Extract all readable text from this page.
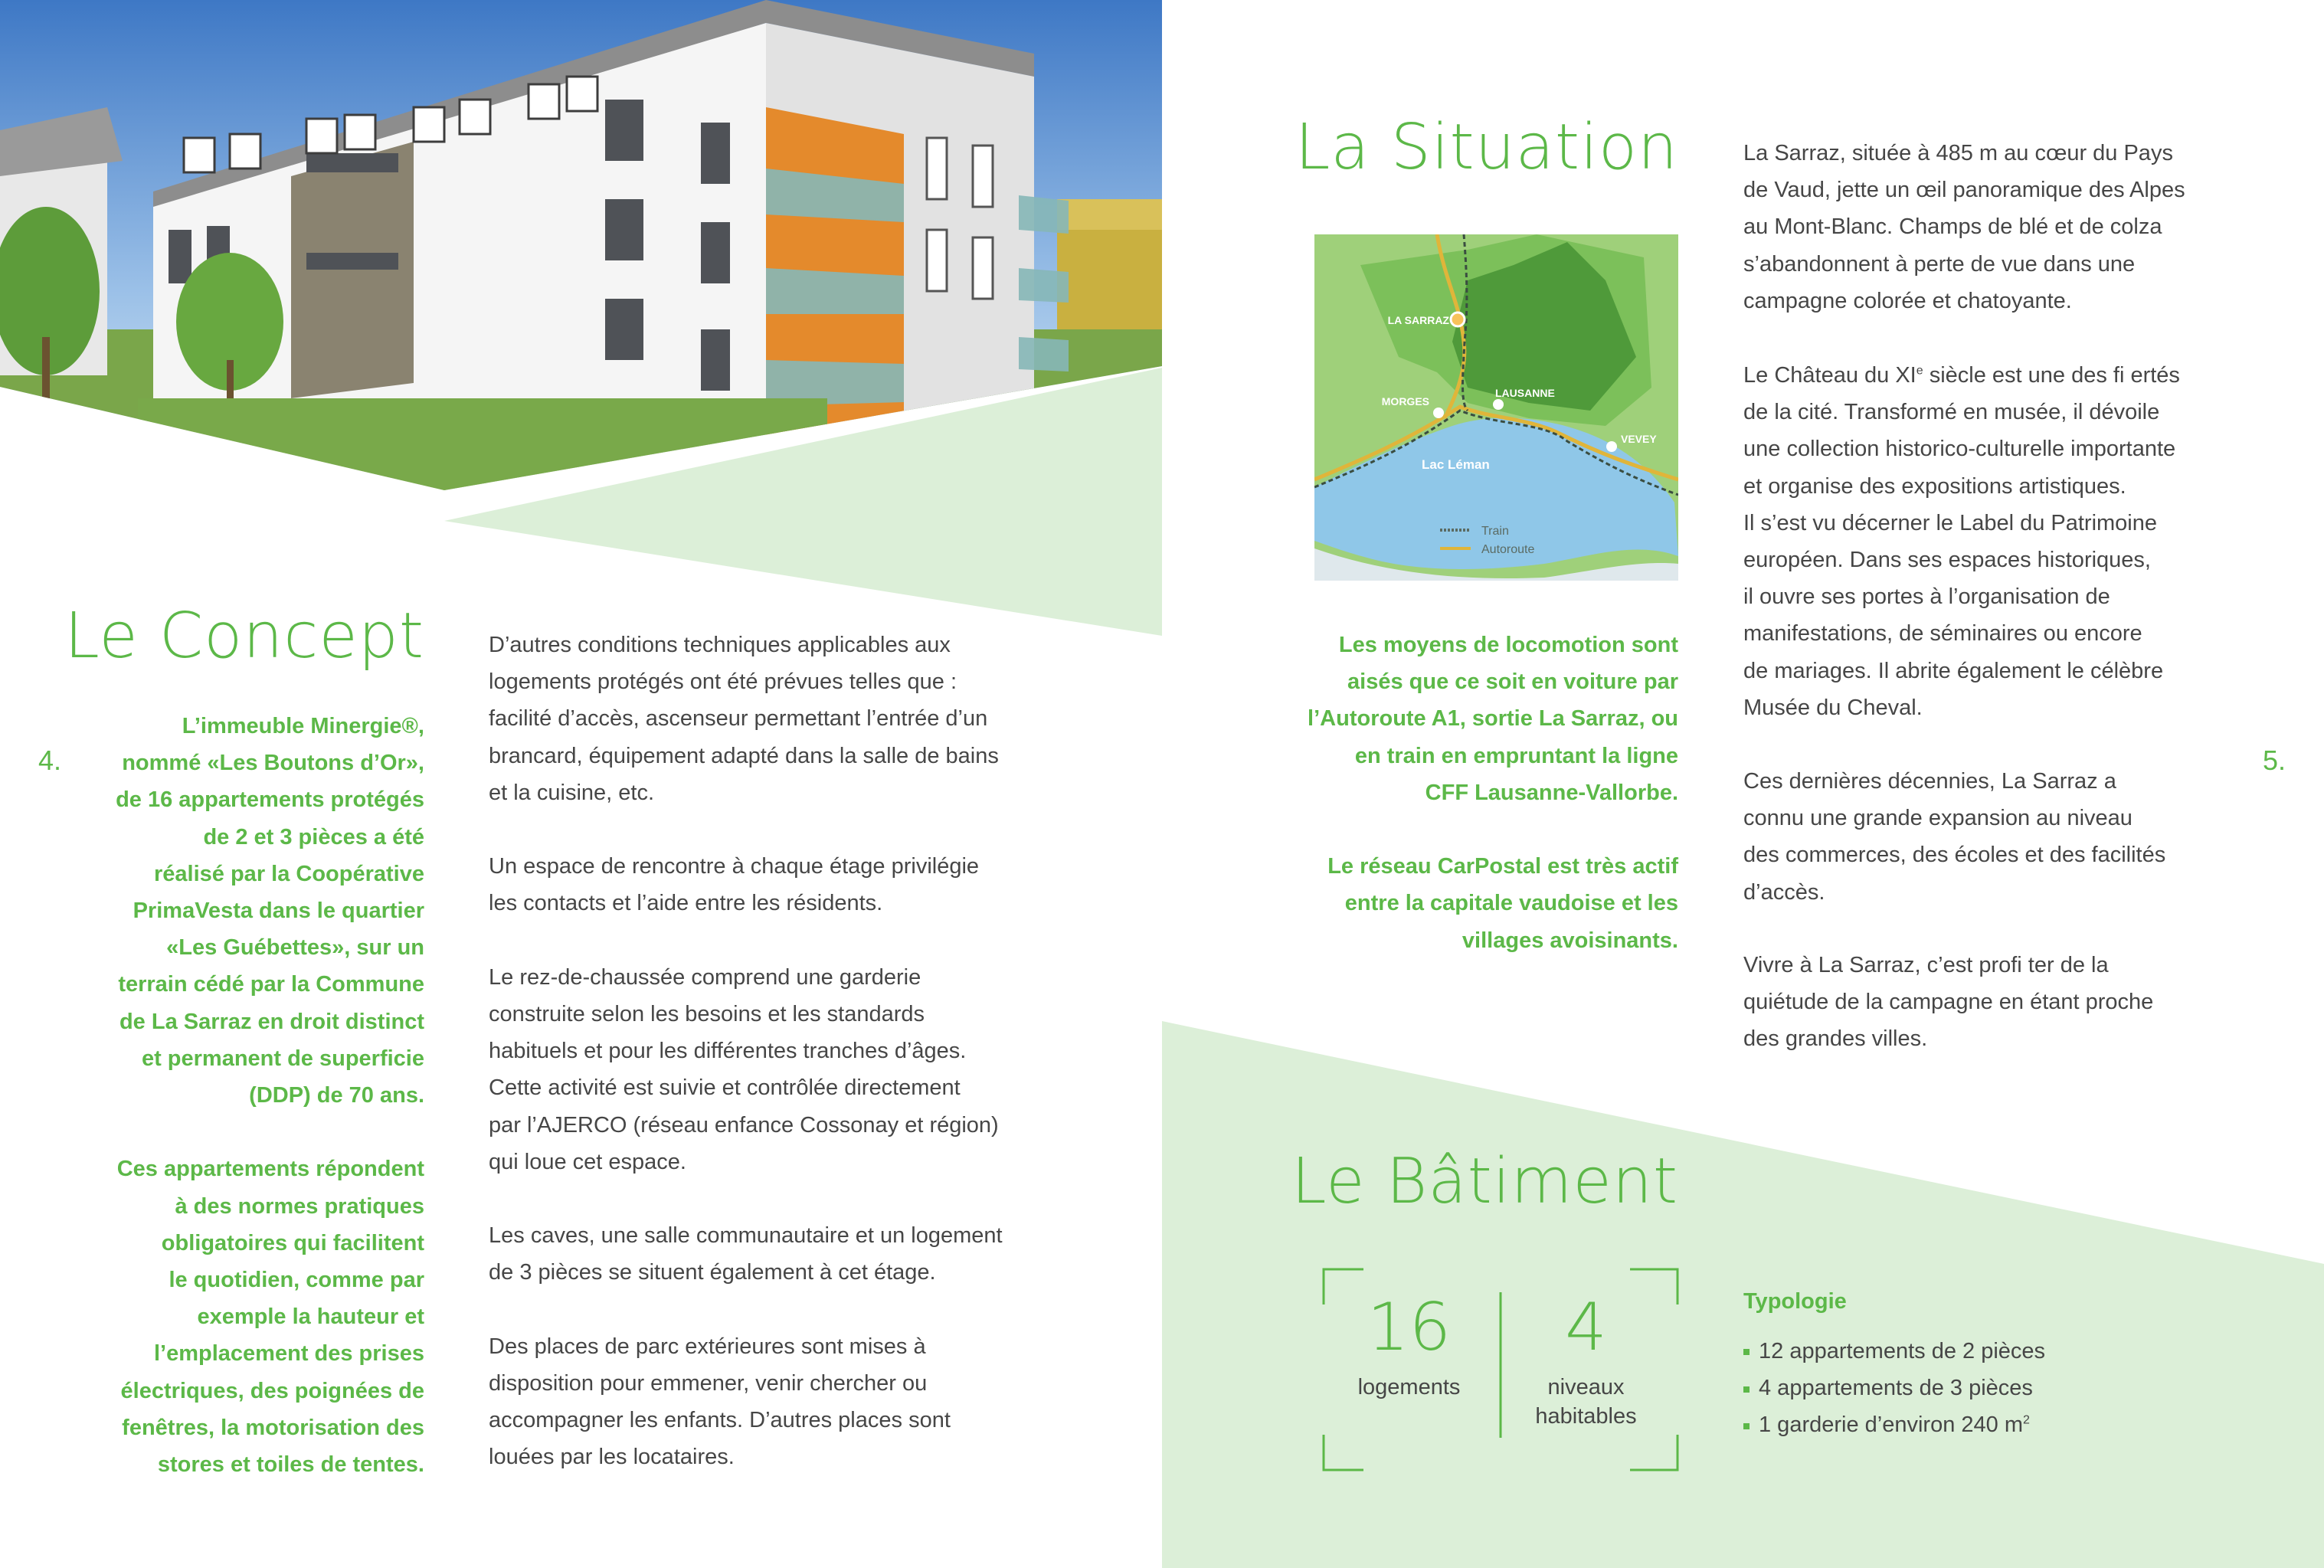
4.	5.
Le Concept
L’immeuble Minergie®,
nommé «Les Boutons d’Or»,
de 16 appartements protégés
de 2 et 3 pièces a été
réalisé par la Coopérative
PrimaVesta dans le quartier
«Les Guébettes», sur un
terrain cédé par la Commune
de La Sarraz en droit distinct
et permanent de superficie
(DDP) de 70 ans.

Ces appartements répondent
à des normes pratiques
obligatoires qui facilitent
le quotidien, comme par
exemple la hauteur et
l’emplacement des prises
électriques, des poignées de
fenêtres, la motorisation des
stores et toiles de tentes.
D’autres conditions techniques applicables aux
logements protégés ont été prévues telles que :
facilité d’accès, ascenseur permettant l’entrée d’un
brancard, équipement adapté dans la salle de bains
et la cuisine, etc.

Un espace de rencontre à chaque étage privilégie
les contacts et l’aide entre les résidents.

Le rez-de-chaussée comprend une garderie
construite selon les besoins et les standards
habituels et pour les différentes tranches d’âges.
Cette activité est suivie et contrôlée directement
par l’AJERCO (réseau enfance Cossonay et région)
qui loue cet espace.

Les caves, une salle communautaire et un logement
de 3 pièces se situent également à cet étage.

Des places de parc extérieures sont mises à
disposition pour emmener, venir chercher ou
accompagner les enfants. D’autres places sont
louées par les locataires.
La Situation
LA SARRAZ
MORGES
LAUSANNE
VEVEY
Lac Léman
Train
Autoroute
Les moyens de locomotion sont
aisés que ce soit en voiture par
l’Autoroute A1, sortie La Sarraz, ou
en train en empruntant la ligne
CFF Lausanne-Vallorbe.

Le réseau CarPostal est très actif
entre la capitale vaudoise et les
villages avoisinants.
La Sarraz, située à 485 m au cœur du Pays
de Vaud, jette un œil panoramique des Alpes
au Mont-Blanc. Champs de blé et de colza
s’abandonnent à perte de vue dans une
campagne colorée et chatoyante.
Le Château du XIe siècle est une des fi ertés
de la cité. Transformé en musée, il dévoile
une collection historico-culturelle importante
et organise des expositions artistiques.
Il s’est vu décerner le Label du Patrimoine
européen. Dans ses espaces historiques,
il ouvre ses portes à l’organisation de
manifestations, de séminaires ou encore
de mariages. Il abrite également le célèbre
Musée du Cheval.
Ces dernières décennies, La Sarraz a
connu une grande expansion au niveau
des commerces, des écoles et des facilités
d’accès.
Vivre à La Sarraz, c’est profi ter de la
quiétude de la campagne en étant proche
des grandes villes.
Le Bâtiment
16
logements
4
niveaux
habitables
Typologie
12 appartements de 2 pièces
4 appartements de 3 pièces
1 garderie d’environ 240 $m^2$
